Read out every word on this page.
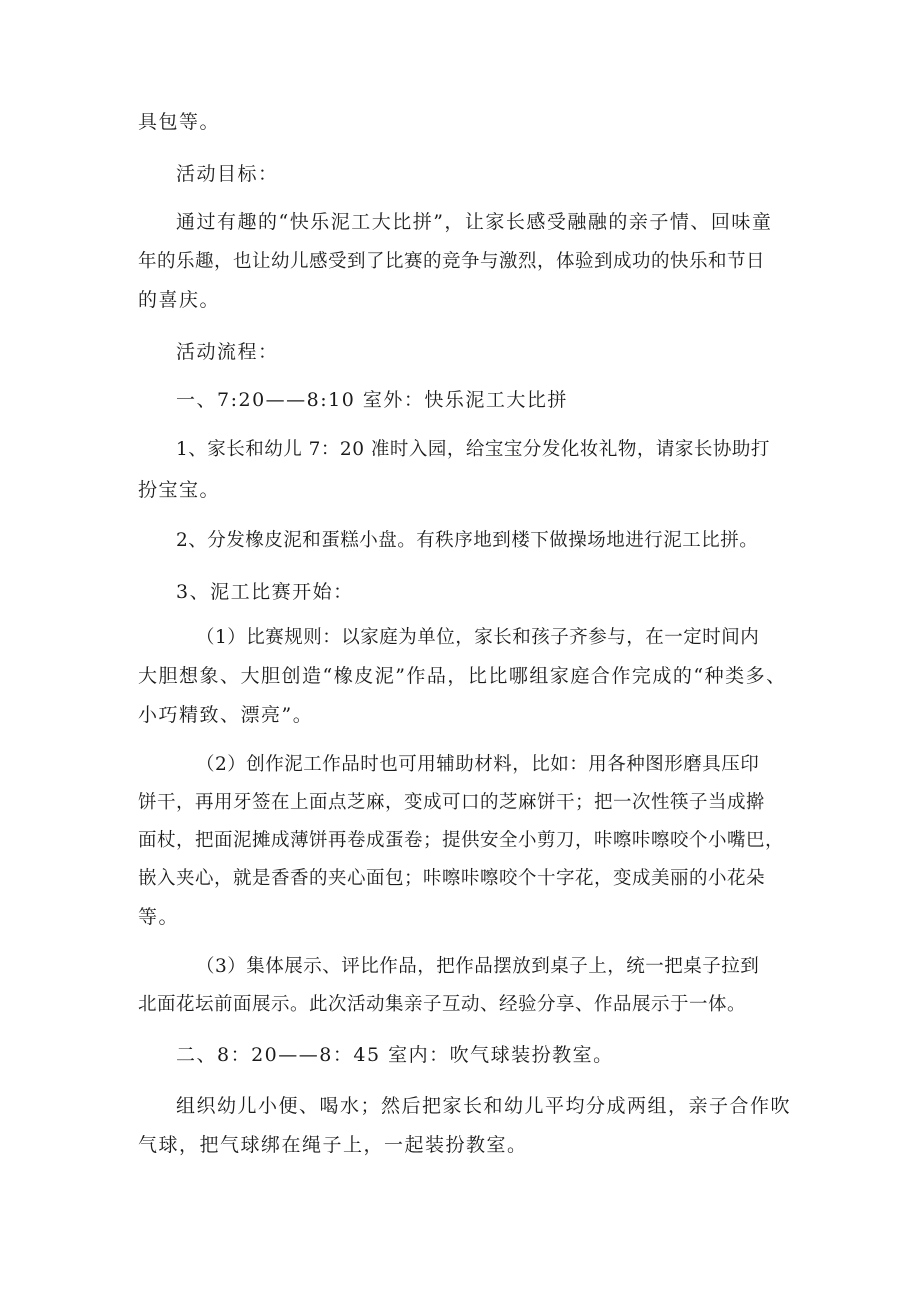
具包等。
活动目标：
通过有趣的“快乐泥工大比拼”，让家长感受融融的亲子情、回味童
年的乐趣，也让幼儿感受到了比赛的竞争与激烈，体验到成功的快乐和节日
的喜庆。
活动流程：
一、7:20——8:10 室外：快乐泥工大比拼
1、家长和幼儿 7：20 准时入园，给宝宝分发化妆礼物，请家长协助打
扮宝宝。
2、分发橡皮泥和蛋糕小盘。有秩序地到楼下做操场地进行泥工比拼。
3、泥工比赛开始：
（1）比赛规则：以家庭为单位，家长和孩子齐参与，在一定时间内
大胆想象、大胆创造“橡皮泥”作品，比比哪组家庭合作完成的“种类多、
小巧精致、漂亮”。
（2）创作泥工作品时也可用辅助材料，比如：用各种图形磨具压印
饼干，再用牙签在上面点芝麻，变成可口的芝麻饼干；把一次性筷子当成擀
面杖，把面泥摊成薄饼再卷成蛋卷；提供安全小剪刀，咔嚓咔嚓咬个小嘴巴，
嵌入夹心，就是香香的夹心面包；咔嚓咔嚓咬个十字花，变成美丽的小花朵
等。
（3）集体展示、评比作品，把作品摆放到桌子上，统一把桌子拉到
北面花坛前面展示。此次活动集亲子互动、经验分享、作品展示于一体。
二、8：20——8：45 室内：吹气球装扮教室。
组织幼儿小便、喝水；然后把家长和幼儿平均分成两组，亲子合作吹
气球，把气球绑在绳子上，一起装扮教室。
